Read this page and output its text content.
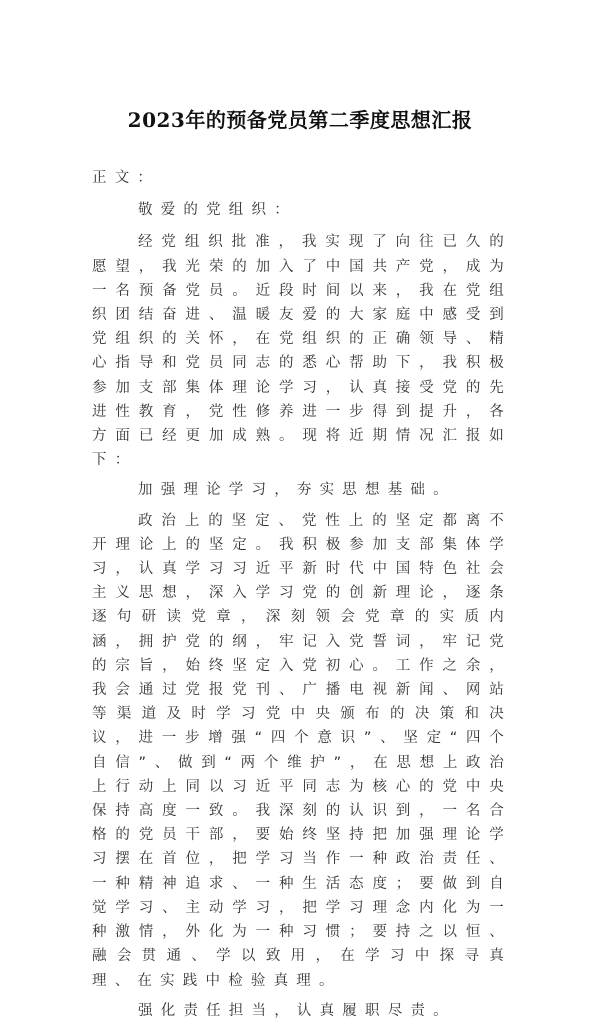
2023年的预备党员第二季度思想汇报

正文：

敬爱的党组织：

经党组织批准，我实现了向往已久的愿望，我光荣的加入了中国共产党，成为一名预备党员。近段时间以来，我在党组织团结奋进、温暖友爱的大家庭中感受到党组织的关怀，在党组织的正确领导、精心指导和党员同志的悉心帮助下，我积极参加支部集体理论学习，认真接受党的先进性教育，党性修养进一步得到提升，各方面已经更加成熟。现将近期情况汇报如下：

加强理论学习，夯实思想基础。

政治上的坚定、党性上的坚定都离不开理论上的坚定。我积极参加支部集体学习，认真学习习近平新时代中国特色社会主义思想，深入学习党的创新理论，逐条逐句研读党章，深刻领会党章的实质内涵，拥护党的纲，牢记入党誓词，牢记党的宗旨，始终坚定入党初心。工作之余，我会通过党报党刊、广播电视新闻、网站等渠道及时学习党中央颁布的决策和决议，进一步增强“四个意识”、坚定“四个自信”、做到“两个维护”，在思想上政治上行动上同以习近平同志为核心的党中央保持高度一致。我深刻的认识到，一名合格的党员干部，要始终坚持把加强理论学习摆在首位，把学习当作一种政治责任、一种精神追求、一种生活态度；要做到自觉学习、主动学习，把学习理念内化为一种激情，外化为一种习惯；要持之以恒、融会贯通、学以致用，在学习中探寻真理、在实践中检验真理。

强化责任担当，认真履职尽责。
